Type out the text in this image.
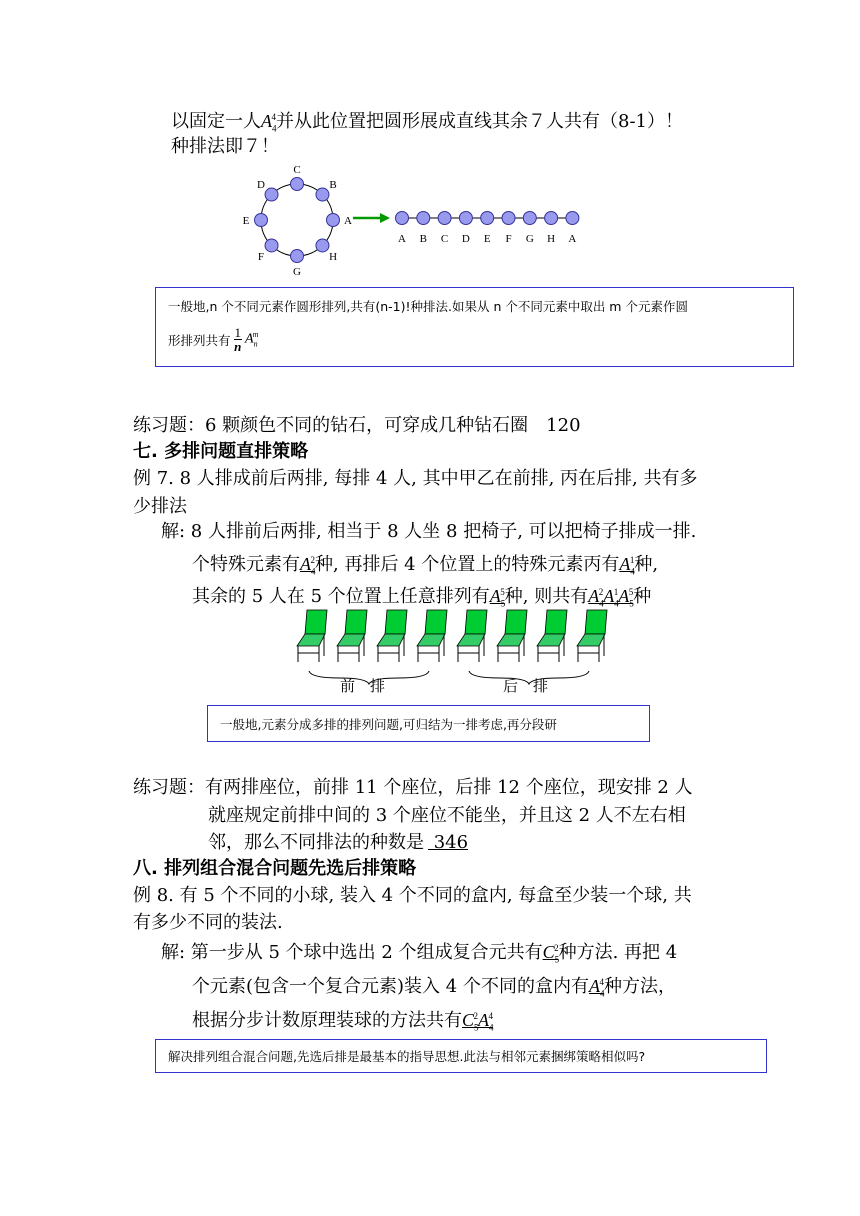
以固定一人$A_4^4$并从此位置把圆形展成直线其余７人共有（8-1）！
种排法即７！
C
B
A
H
G
F
E
D
A B C D E F G H A
一般地,n 个不同元素作圆形排列,共有(n-1)!种排法.如果从 n 个不同元素中取出 m 个元素作圆
形排列共有 1
n $A_n^m$
练习题：6 颗颜色不同的钻石，可穿成几种钻石圈　120
七. 多排问题直排策略
例 7. 8 人排成前后两排, 每排 4 人, 其中甲乙在前排, 丙在后排, 共有多
少排法
解: 8 人排前后两排, 相当于 8 人坐 8 把椅子, 可以把椅子排成一排.
个特殊元素有$A_4^2$种, 再排后 4 个位置上的特殊元素丙有$A_4^1$种,
其余的 5 人在 5 个位置上任意排列有$A_5^5$种, 则共有$A_4^2A_4^1A_5^5$种
前　排	后　排
一般地,元素分成多排的排列问题,可归结为一排考虑,再分段研
练习题：有两排座位，前排 11 个座位，后排 12 个座位，现安排 2 人
就座规定前排中间的 3 个座位不能坐，并且这 2 人不左右相
邻，那么不同排法的种数是 346
八. 排列组合混合问题先选后排策略
例 8. 有 5 个不同的小球, 装入 4 个不同的盒内, 每盒至少装一个球, 共
有多少不同的装法.
解: 第一步从 5 个球中选出 2 个组成复合元共有$C_5^2$种方法. 再把 4
个元素(包含一个复合元素)装入 4 个不同的盒内有$A_4^4$种方法，
根据分步计数原理装球的方法共有$C_5^2A_4^4$
解决排列组合混合问题,先选后排是最基本的指导思想.此法与相邻元素捆绑策略相似吗?
